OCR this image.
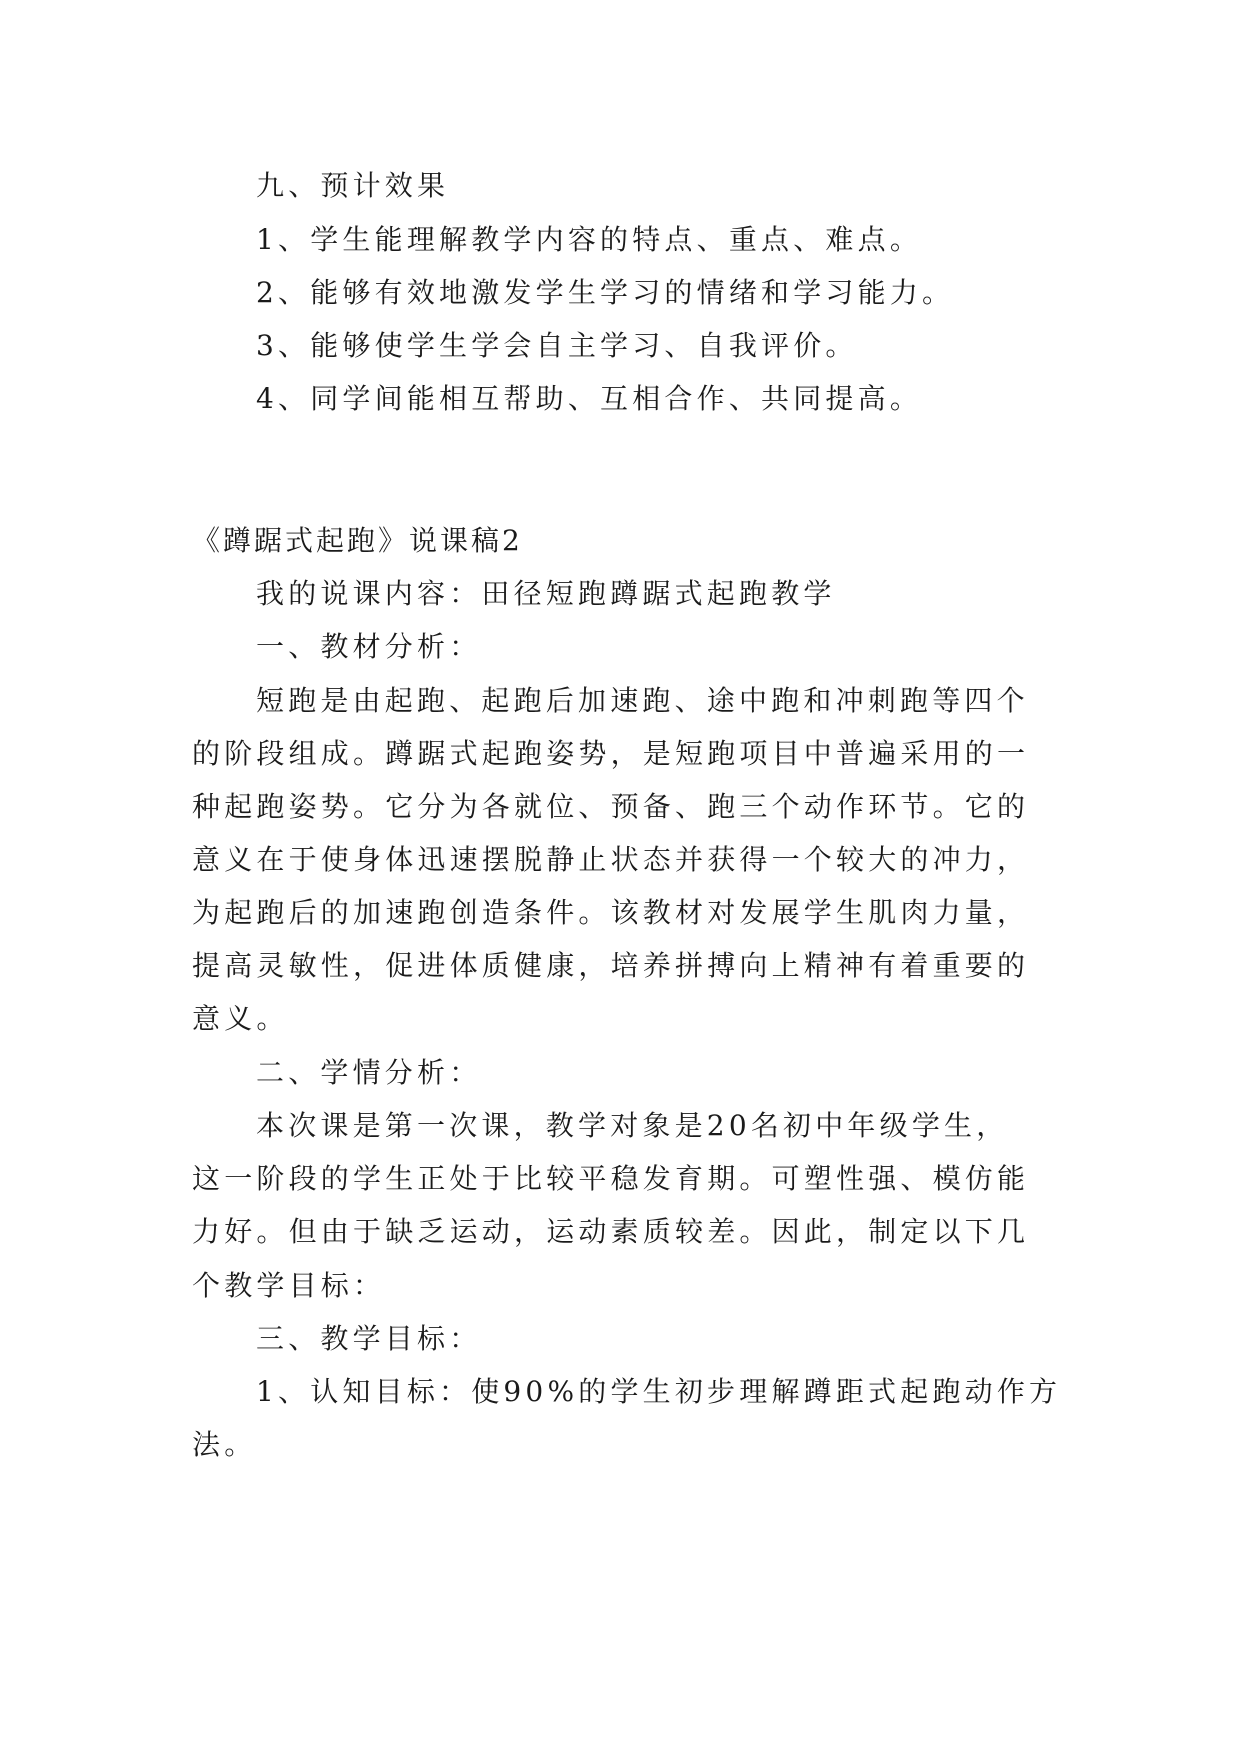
九、预计效果
1、学生能理解教学内容的特点、重点、难点。
2、能够有效地激发学生学习的情绪和学习能力。
3、能够使学生学会自主学习、自我评价。
4、同学间能相互帮助、互相合作、共同提高。
《蹲踞式起跑》说课稿2
我的说课内容：田径短跑蹲踞式起跑教学
一、教材分析：
短跑是由起跑、起跑后加速跑、途中跑和冲刺跑等四个
的阶段组成。蹲踞式起跑姿势，是短跑项目中普遍采用的一
种起跑姿势。它分为各就位、预备、跑三个动作环节。它的
意义在于使身体迅速摆脱静止状态并获得一个较大的冲力，
为起跑后的加速跑创造条件。该教材对发展学生肌肉力量，
提高灵敏性，促进体质健康，培养拼搏向上精神有着重要的
意义。
二、学情分析：
本次课是第一次课，教学对象是20名初中年级学生，
这一阶段的学生正处于比较平稳发育期。可塑性强、模仿能
力好。但由于缺乏运动，运动素质较差。因此，制定以下几
个教学目标：
三、教学目标：
1、认知目标：使90%的学生初步理解蹲距式起跑动作方
法。
